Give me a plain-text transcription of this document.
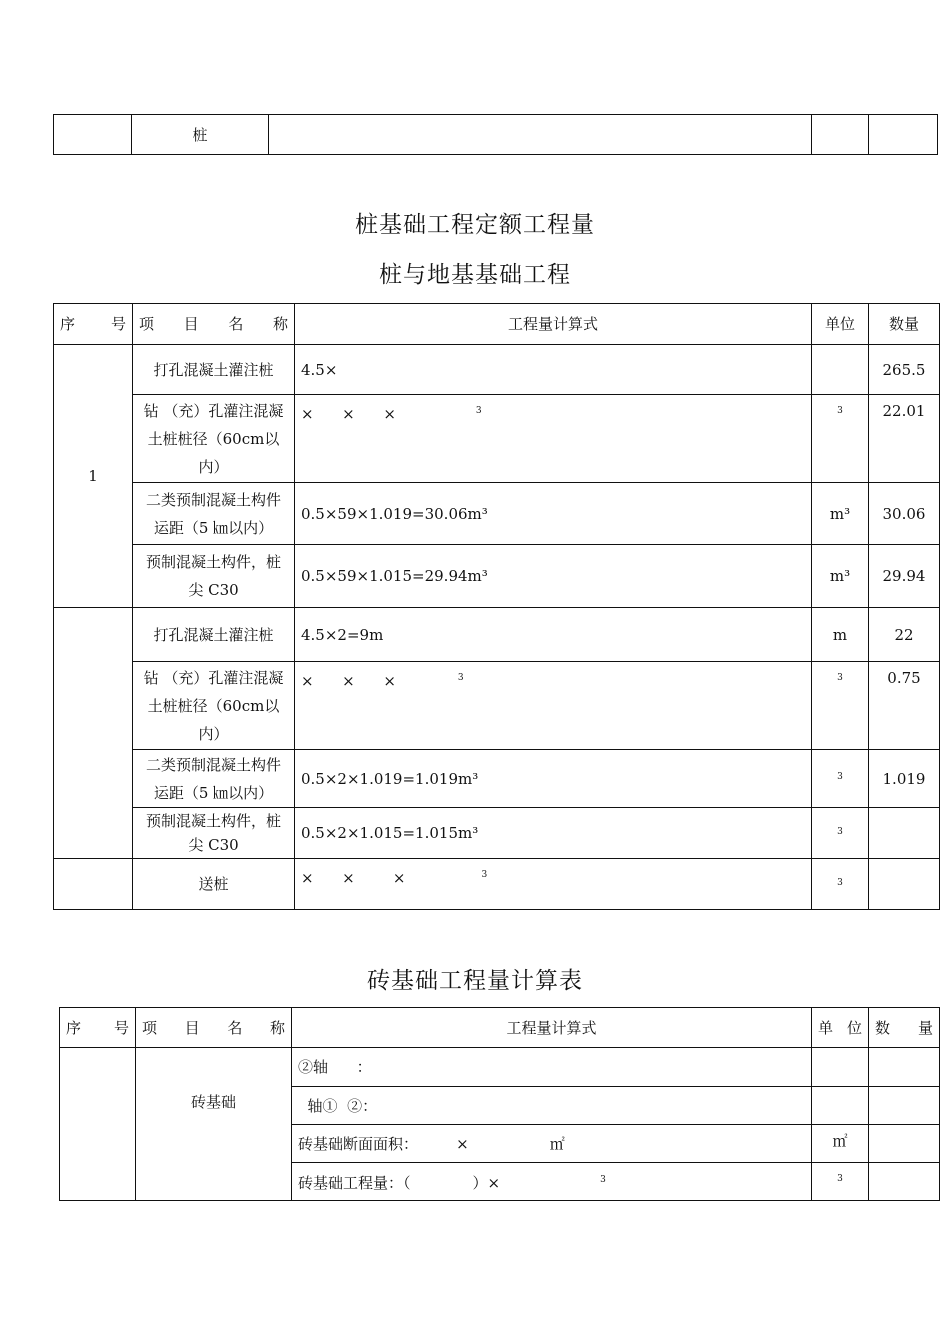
	桩			
桩基础工程定额工程量
桩与地基基础工程
序 号	项 目 名 称	工程量计算式	单位	数量
1	打孔混凝土灌注桩	4.5×		265.5
	钻 （充）孔灌注混凝土桩桩径（60cm以内）	×      ×      × $^3$	$^3$	22.01
	二类预制混凝土构件运距（5 ㎞以内）	0.5×59×1.019=30.06m³	m³	30.06
	预制混凝土构件，桩尖 C30	0.5×59×1.015=29.94m³	m³	29.94
	打孔混凝土灌注桩	4.5×2=9m	m	22
	钻 （充）孔灌注混凝土桩桩径（60cm以内）	×      ×      × $^3$	$^3$	0.75
	二类预制混凝土构件运距（5 ㎞以内）	0.5×2×1.019=1.019m³	$^3$	1.019
	预制混凝土构件，桩尖 C30	0.5×2×1.015=1.015m³	$^3$	
	送桩	×      ×        × $^3$	$^3$	
砖基础工程量计算表
序 号	项 目 名 称	工程量计算式	单 位	数 量

	砖基础	②轴      ：		
		轴①  ②：		
		砖基础断面面积：        ×                 ㎡	㎡	
		砖基础工程量：（             ）× $^3$	$^3$	
